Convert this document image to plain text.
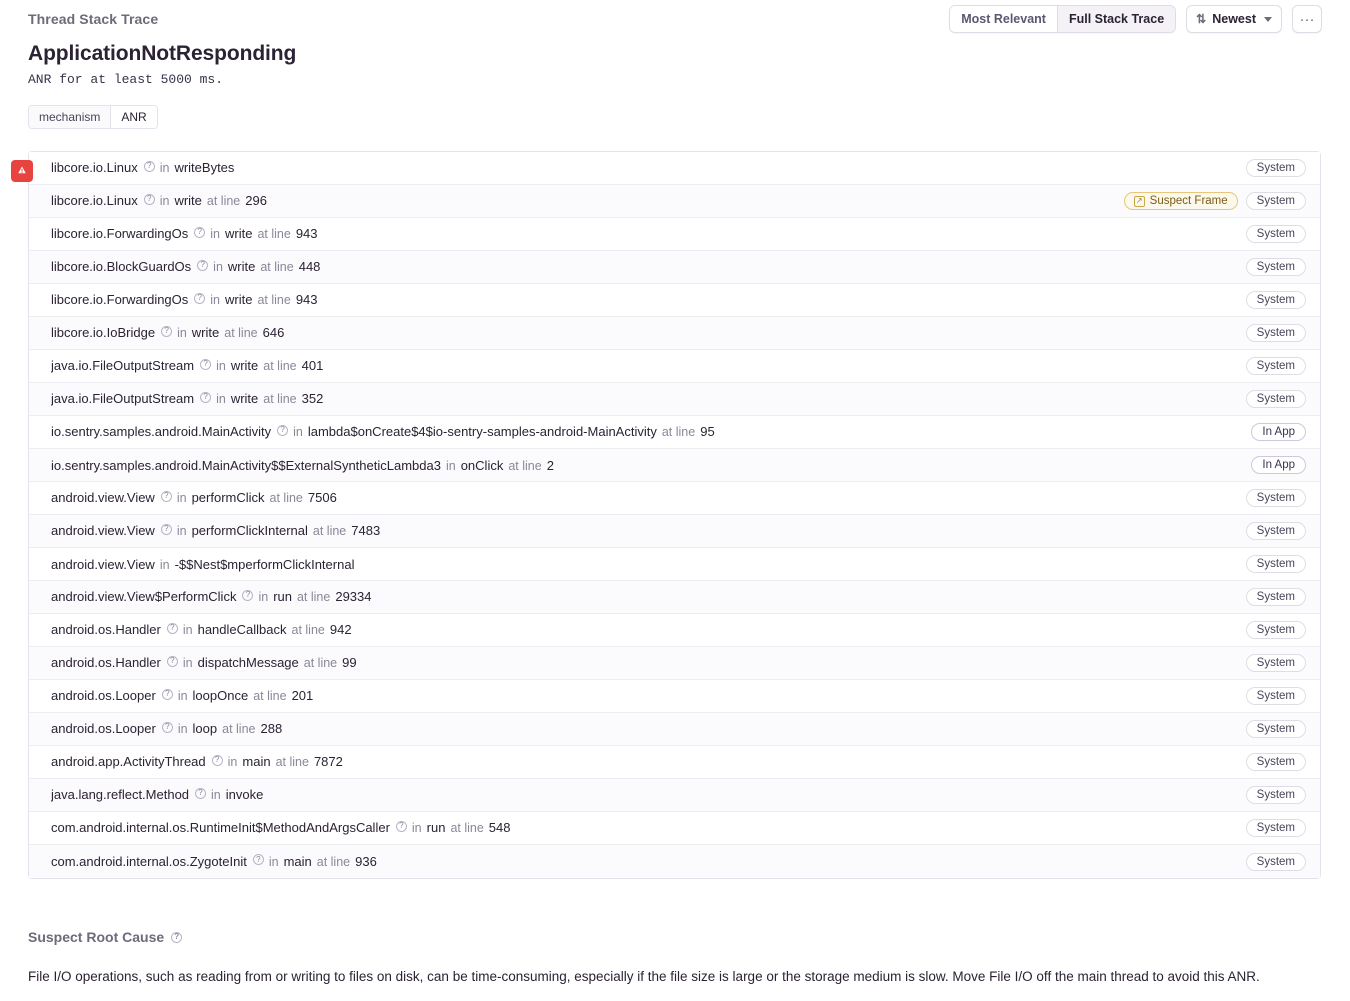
Thread Stack Trace	Most Relevant	Full Stack Trace	⇅ Newest	···
ApplicationNotResponding
ANR for at least 5000 ms.
mechanism	ANR
libcore.io.Linux	? in writeBytes	System
libcore.io.Linux	? in write at line 296	↗ Suspect Frame	System
libcore.io.ForwardingOs	? in write at line 943	System
libcore.io.BlockGuardOs	? in write at line 448	System
libcore.io.ForwardingOs	? in write at line 943	System
libcore.io.IoBridge	? in write at line 646	System
java.io.FileOutputStream	? in write at line 401	System
java.io.FileOutputStream	? in write at line 352	System
io.sentry.samples.android.MainActivity	? in lambda$onCreate$4$io-sentry-samples-android-MainActivity at line 95	In App
io.sentry.samples.android.MainActivity$$ExternalSyntheticLambda3 in onClick at line 2	In App
android.view.View	? in performClick at line 7506	System
android.view.View	? in performClickInternal at line 7483	System
android.view.View in -$$Nest$mperformClickInternal	System
android.view.View$PerformClick	? in run at line 29334	System
android.os.Handler	? in handleCallback at line 942	System
android.os.Handler	? in dispatchMessage at line 99	System
android.os.Looper	? in loopOnce at line 201	System
android.os.Looper	? in loop at line 288	System
android.app.ActivityThread	? in main at line 7872	System
java.lang.reflect.Method	? in invoke	System
com.android.internal.os.RuntimeInit$MethodAndArgsCaller	? in run at line 548	System
com.android.internal.os.ZygoteInit	? in main at line 936	System
Suspect Root Cause	?
File I/O operations, such as reading from or writing to files on disk, can be time-consuming, especially if the file size is large or the storage medium is slow. Move File I/O off the main thread to avoid this ANR.
